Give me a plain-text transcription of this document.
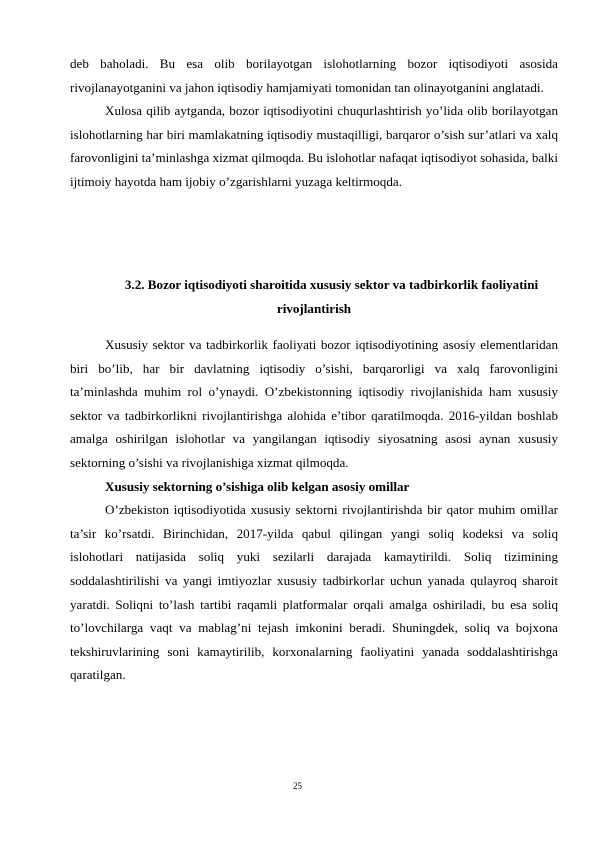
deb baholadi. Bu esa olib borilayotgan islohotlarning bozor iqtisodiyoti asosida rivojlanayotganini va jahon iqtisodiy hamjamiyati tomonidan tan olinayotganini anglatadi.

Xulosa qilib aytganda, bozor iqtisodiyotini chuqurlashtirish yo’lida olib borilayotgan islohotlarning har biri mamlakatning iqtisodiy mustaqilligi, barqaror o’sish sur’atlari va xalq farovonligini ta’minlashga xizmat qilmoqda. Bu islohotlar nafaqat iqtisodiyot sohasida, balki ijtimoiy hayotda ham ijobiy o’zgarishlarni yuzaga keltirmoqda.

3.2. Bozor iqtisodiyoti sharoitida xususiy sektor va tadbirkorlik faoliyatini rivojlantirish

Xususiy sektor va tadbirkorlik faoliyati bozor iqtisodiyotining asosiy elementlaridan biri bo’lib, har bir davlatning iqtisodiy o’sishi, barqarorligi va xalq farovonligini ta’minlashda muhim rol o’ynaydi. O’zbekistonning iqtisodiy rivojlanishida ham xususiy sektor va tadbirkorlikni rivojlantirishga alohida e’tibor qaratilmoqda. 2016-yildan boshlab amalga oshirilgan islohotlar va yangilangan iqtisodiy siyosatning asosi aynan xususiy sektorning o’sishi va rivojlanishiga xizmat qilmoqda.

Xususiy sektorning o’sishiga olib kelgan asosiy omillar

O’zbekiston iqtisodiyotida xususiy sektorni rivojlantirishda bir qator muhim omillar ta’sir ko’rsatdi. Birinchidan, 2017-yilda qabul qilingan yangi soliq kodeksi va soliq islohotlari natijasida soliq yuki sezilarli darajada kamaytirildi. Soliq tizimining soddalashtirilishi va yangi imtiyozlar xususiy tadbirkorlar uchun yanada qulayroq sharoit yaratdi. Soliqni to’lash tartibi raqamli platformalar orqali amalga oshiriladi, bu esa soliq to’lovchilarga vaqt va mablag’ni tejash imkonini beradi. Shuningdek, soliq va bojxona tekshiruvlarining soni kamaytirilib, korxonalarning faoliyatini yanada soddalashtirishga qaratilgan.

25
